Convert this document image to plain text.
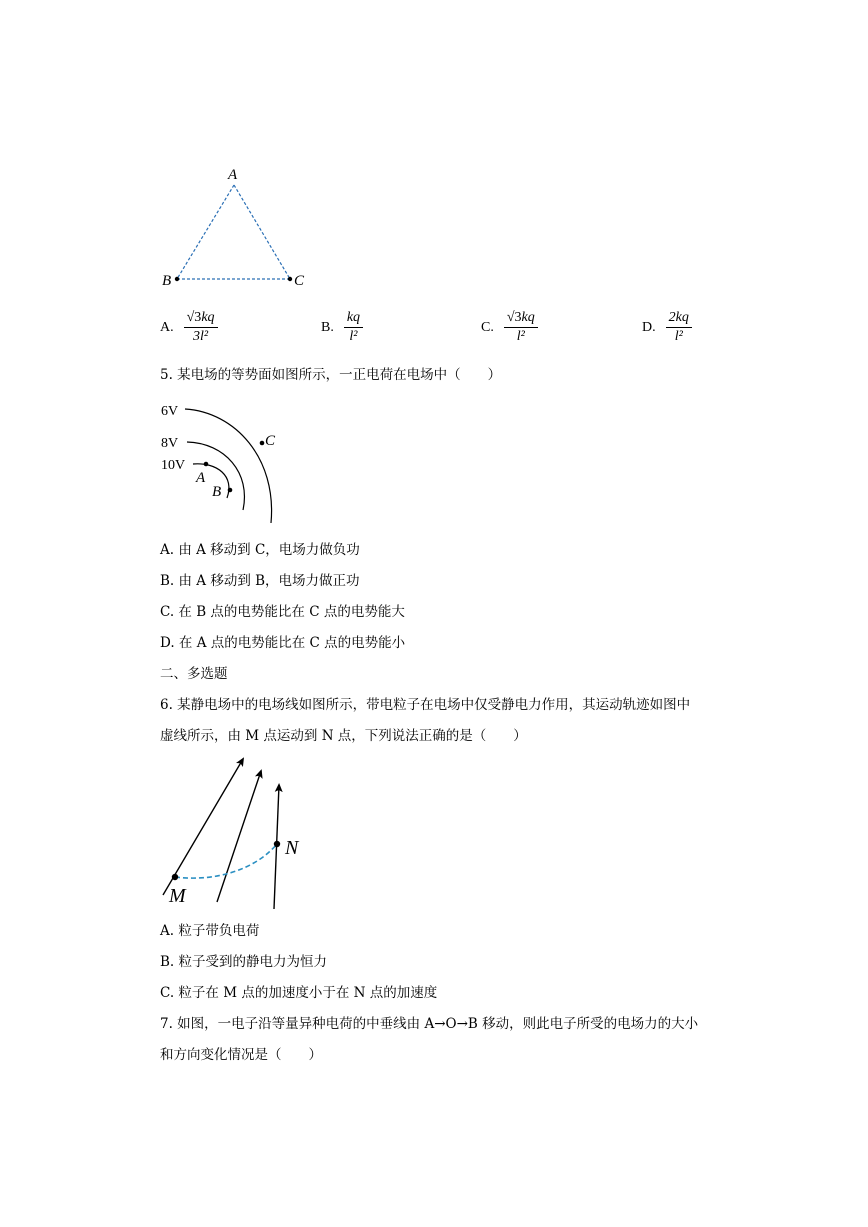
A
B	C
A. $\frac{√3kq}{\text{3l²}}$	B. $\frac{kq}{\text{l²}}$	C. $\frac{√3kq}{\text{l²}}$	D. $\frac{2kq}{\text{l²}}$
5. 某电场的等势面如图所示，一正电荷在电场中（　　）
6V
8V
10V
C
A
B
A. 由 A 移动到 C，电场力做负功
B. 由 A 移动到 B，电场力做正功
C. 在 B 点的电势能比在 C 点的电势能大
D. 在 A 点的电势能比在 C 点的电势能小
二、多选题
6. 某静电场中的电场线如图所示，带电粒子在电场中仅受静电力作用，其运动轨迹如图中
虚线所示，由 M 点运动到 N 点，下列说法正确的是（　　）
M
N
A. 粒子带负电荷
B. 粒子受到的静电力为恒力
C. 粒子在 M 点的加速度小于在 N 点的加速度
7. 如图，一电子沿等量异种电荷的中垂线由 A→O→B 移动，则此电子所受的电场力的大小
和方向变化情况是（　　）
